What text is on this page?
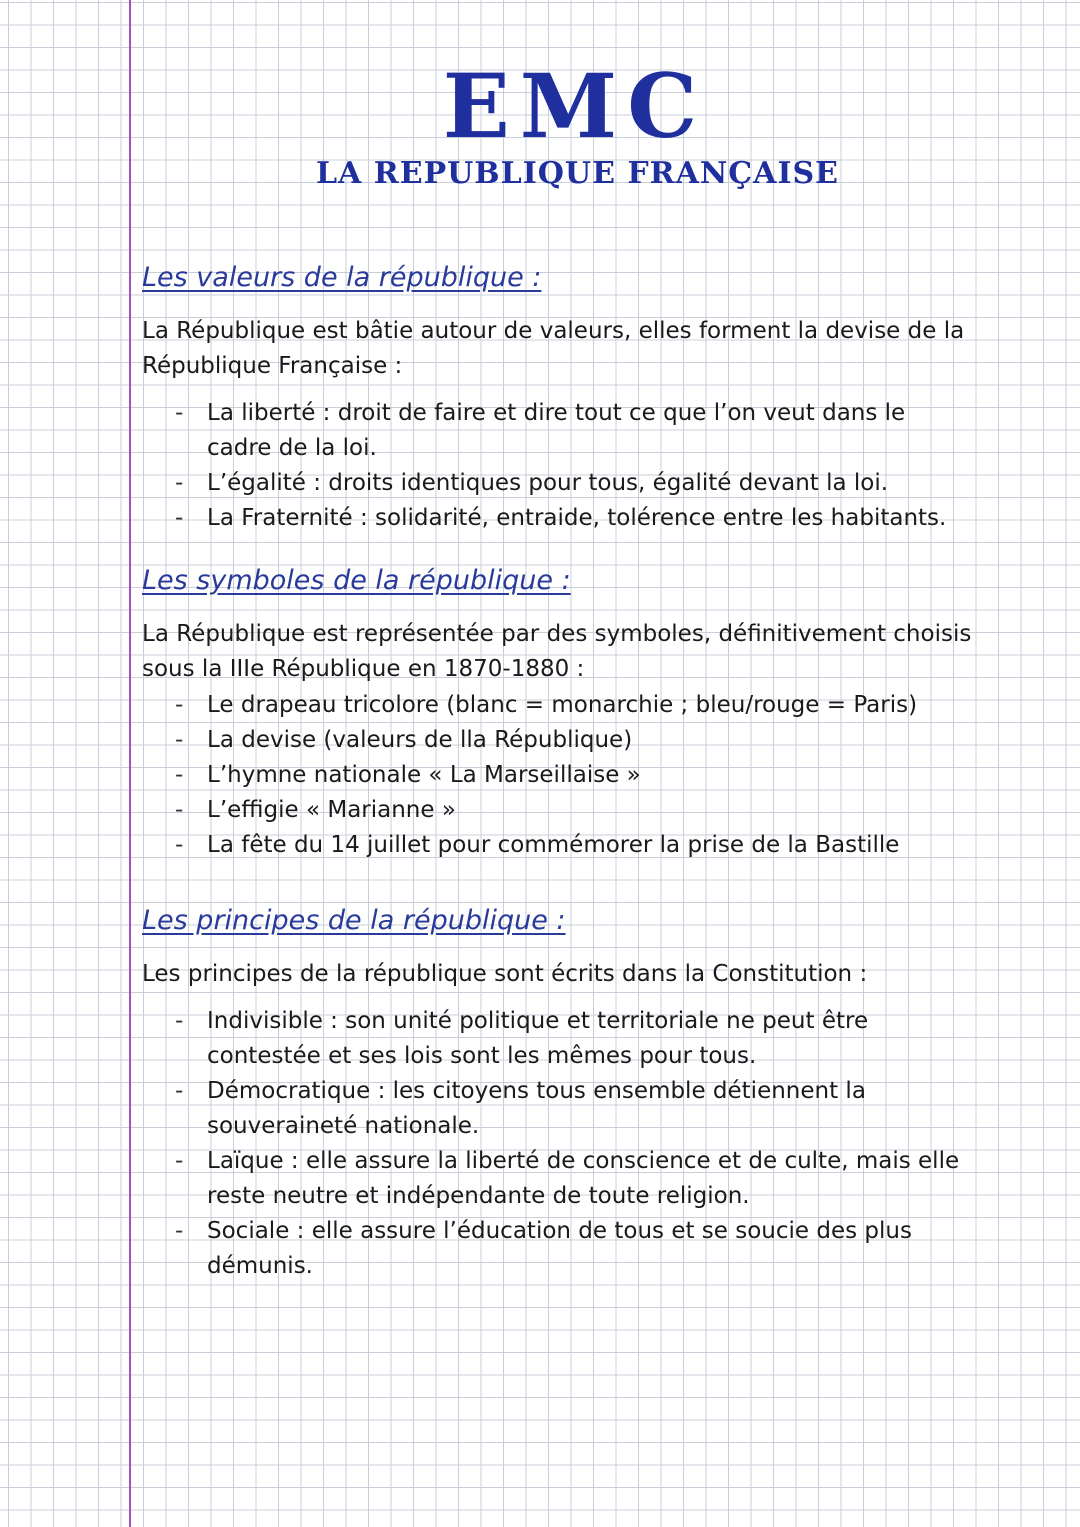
EMC
LA REPUBLIQUE FRANÇAISE
Les valeurs de la république :
La République est bâtie autour de valeurs, elles forment la devise de la République Française :
- La liberté : droit de faire et dire tout ce que l’on veut dans le cadre de la loi.
- L’égalité : droits identiques pour tous, égalité devant la loi.
- La Fraternité : solidarité, entraide, tolérence entre les habitants.
Les symboles de la république :
La République est représentée par des symboles, définitivement choisis sous la IIIe République en 1870-1880 :
- Le drapeau tricolore (blanc = monarchie ; bleu/rouge = Paris)
- La devise (valeurs de lla République)
- L’hymne nationale « La Marseillaise »
- L’effigie « Marianne »
- La fête du 14 juillet pour commémorer la prise de la Bastille
Les principes de la république :
Les principes de la république sont écrits dans la Constitution :
- Indivisible : son unité politique et territoriale ne peut être contestée et ses lois sont les mêmes pour tous.
- Démocratique : les citoyens tous ensemble détiennent la souveraineté nationale.
- Laïque : elle assure la liberté de conscience et de culte, mais elle reste neutre et indépendante de toute religion.
- Sociale : elle assure l’éducation de tous et se soucie des plus démunis.
